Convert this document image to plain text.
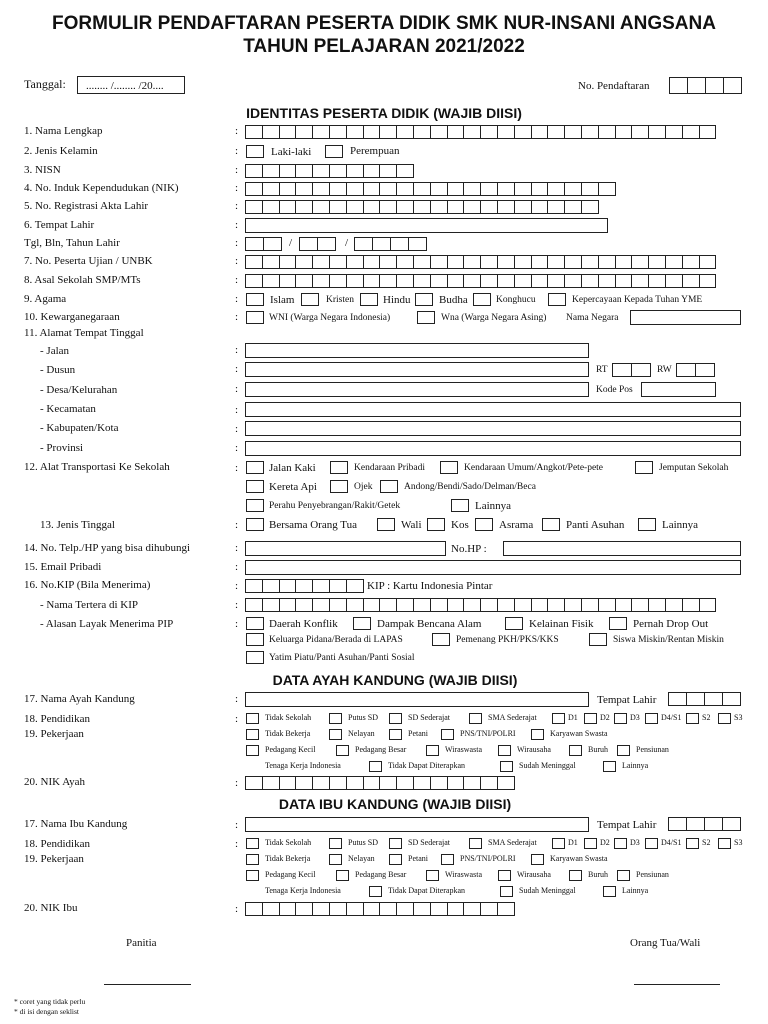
FORMULIR PENDAFTARAN PESERTA DIDIK SMK NUR-INSANI ANGSANA
TAHUN PELAJARAN 2021/2022
Tanggal: ........ /........ /20....	No. Pendaftaran
IDENTITAS PESERTA DIDIK (WAJIB DIISI)
1. Nama Lengkap	:
2. Jenis Kelamin	:	Laki-laki	Perempuan
3. NISN	:
4. No. Induk Kependudukan (NIK)	:
5. No. Registrasi Akta Lahir	:
6. Tempat Lahir	:
Tgl, Bln, Tahun Lahir	:	/	/
7. No. Peserta Ujian / UNBK	:
8. Asal Sekolah SMP/MTs	:
9. Agama	:	Islam	Kristen	Hindu	Budha	Konghucu	Kepercayaan Kepada Tuhan YME
10. Kewarganegaraan	:	WNI (Warga Negara Indonesia)	Wna (Warga Negara Asing) Nama Negara
11. Alamat Tempat Tinggal
- Jalan	:
- Dusun	:	RT	RW
- Desa/Kelurahan	:	Kode Pos
- Kecamatan	:
- Kabupaten/Kota	:
- Provinsi	:
12. Alat Transportasi Ke Sekolah	:	Jalan Kaki	Kendaraan Pribadi	Kendaraan Umum/Angkot/Pete-pete	Jemputan Sekolah
Kereta Api	Ojek	Andong/Bendi/Sado/Delman/Beca
Perahu Penyebrangan/Rakit/Getek	Lainnya
13. Jenis Tinggal	:	Bersama Orang Tua	Wali	Kos	Asrama	Panti Asuhan	Lainnya
14. No. Telp./HP yang bisa dihubungi	:	No.HP :
15. Email Pribadi	:
16. No.KIP (Bila Menerima)	:	KIP : Kartu Indonesia Pintar
- Nama Tertera di KIP	:
- Alasan Layak Menerima PIP	:	Daerah Konflik	Dampak Bencana Alam	Kelainan Fisik	Pernah Drop Out
Keluarga Pidana/Berada di LAPAS	Pemenang PKH/PKS/KKS	Siswa Miskin/Rentan Miskin
Yatim Piatu/Panti Asuhan/Panti Sosial
DATA AYAH KANDUNG (WAJIB DIISI)
17. Nama Ayah Kandung	:	Tempat Lahir
18. Pendidikan	:
19. Pekerjaan
Tidak Sekolah	Putus SD	SD Sederajat	SMA Sederajat	D1	D2	D3	D4/S1	S2	S3
Tidak Bekerja	Nelayan	Petani	PNS/TNI/POLRI	Karyawan Swasta
Pedagang Kecil	Pedagang Besar	Wiraswasta	Wirausaha	Buruh	Pensiunan
Tenaga Kerja Indonesia	Tidak Dapat Diterapkan	Sudah Meninggal	Lainnya
20. NIK Ayah	:
DATA IBU KANDUNG (WAJIB DIISI)
17. Nama Ibu Kandung	:	Tempat Lahir
18. Pendidikan	:
19. Pekerjaan
Tidak Sekolah	Putus SD	SD Sederajat	SMA Sederajat	D1	D2	D3	D4/S1	S2	S3
Tidak Bekerja	Nelayan	Petani	PNS/TNI/POLRI	Karyawan Swasta
Pedagang Kecil	Pedagang Besar	Wiraswasta	Wirausaha	Buruh	Pensiunan
Tenaga Kerja Indonesia	Tidak Dapat Diterapkan	Sudah Meninggal	Lainnya
20. NIK Ibu	:
Panitia	Orang Tua/Wali
* coret yang tidak perlu
* di isi dengan seklist
